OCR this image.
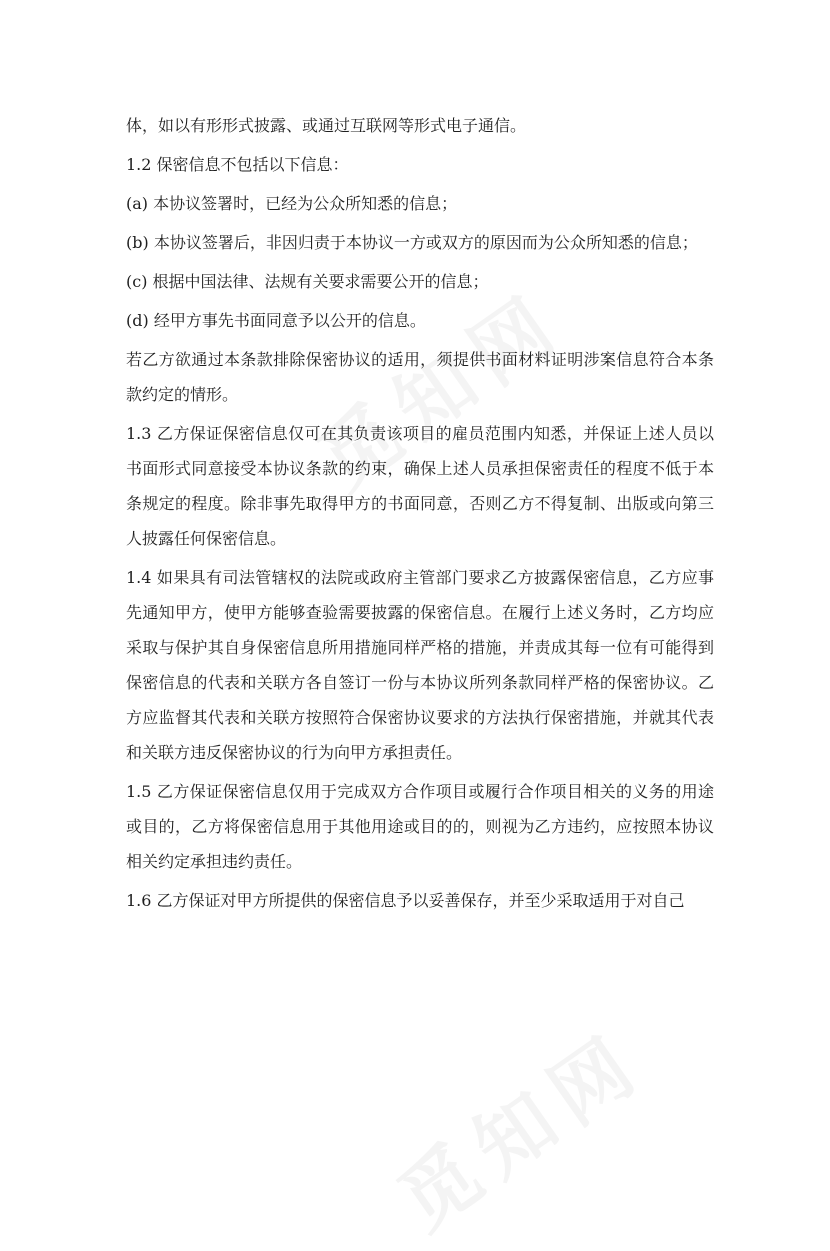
体，如以有形形式披露、或通过互联网等形式电子通信。

1.2 保密信息不包括以下信息：

(a) 本协议签署时，已经为公众所知悉的信息；

(b) 本协议签署后，非因归责于本协议一方或双方的原因而为公众所知悉的信息；

(c) 根据中国法律、法规有关要求需要公开的信息；

(d) 经甲方事先书面同意予以公开的信息。

若乙方欲通过本条款排除保密协议的适用，须提供书面材料证明涉案信息符合本条款约定的情形。

1.3 乙方保证保密信息仅可在其负责该项目的雇员范围内知悉，并保证上述人员以书面形式同意接受本协议条款的约束，确保上述人员承担保密责任的程度不低于本条规定的程度。除非事先取得甲方的书面同意，否则乙方不得复制、出版或向第三人披露任何保密信息。

1.4 如果具有司法管辖权的法院或政府主管部门要求乙方披露保密信息，乙方应事先通知甲方，使甲方能够查验需要披露的保密信息。在履行上述义务时，乙方均应采取与保护其自身保密信息所用措施同样严格的措施，并责成其每一位有可能得到保密信息的代表和关联方各自签订一份与本协议所列条款同样严格的保密协议。乙方应监督其代表和关联方按照符合保密协议要求的方法执行保密措施，并就其代表和关联方违反保密协议的行为向甲方承担责任。

1.5 乙方保证保密信息仅用于完成双方合作项目或履行合作项目相关的义务的用途或目的，乙方将保密信息用于其他用途或目的的，则视为乙方违约，应按照本协议相关约定承担违约责任。

1.6 乙方保证对甲方所提供的保密信息予以妥善保存，并至少采取适用于对自己
